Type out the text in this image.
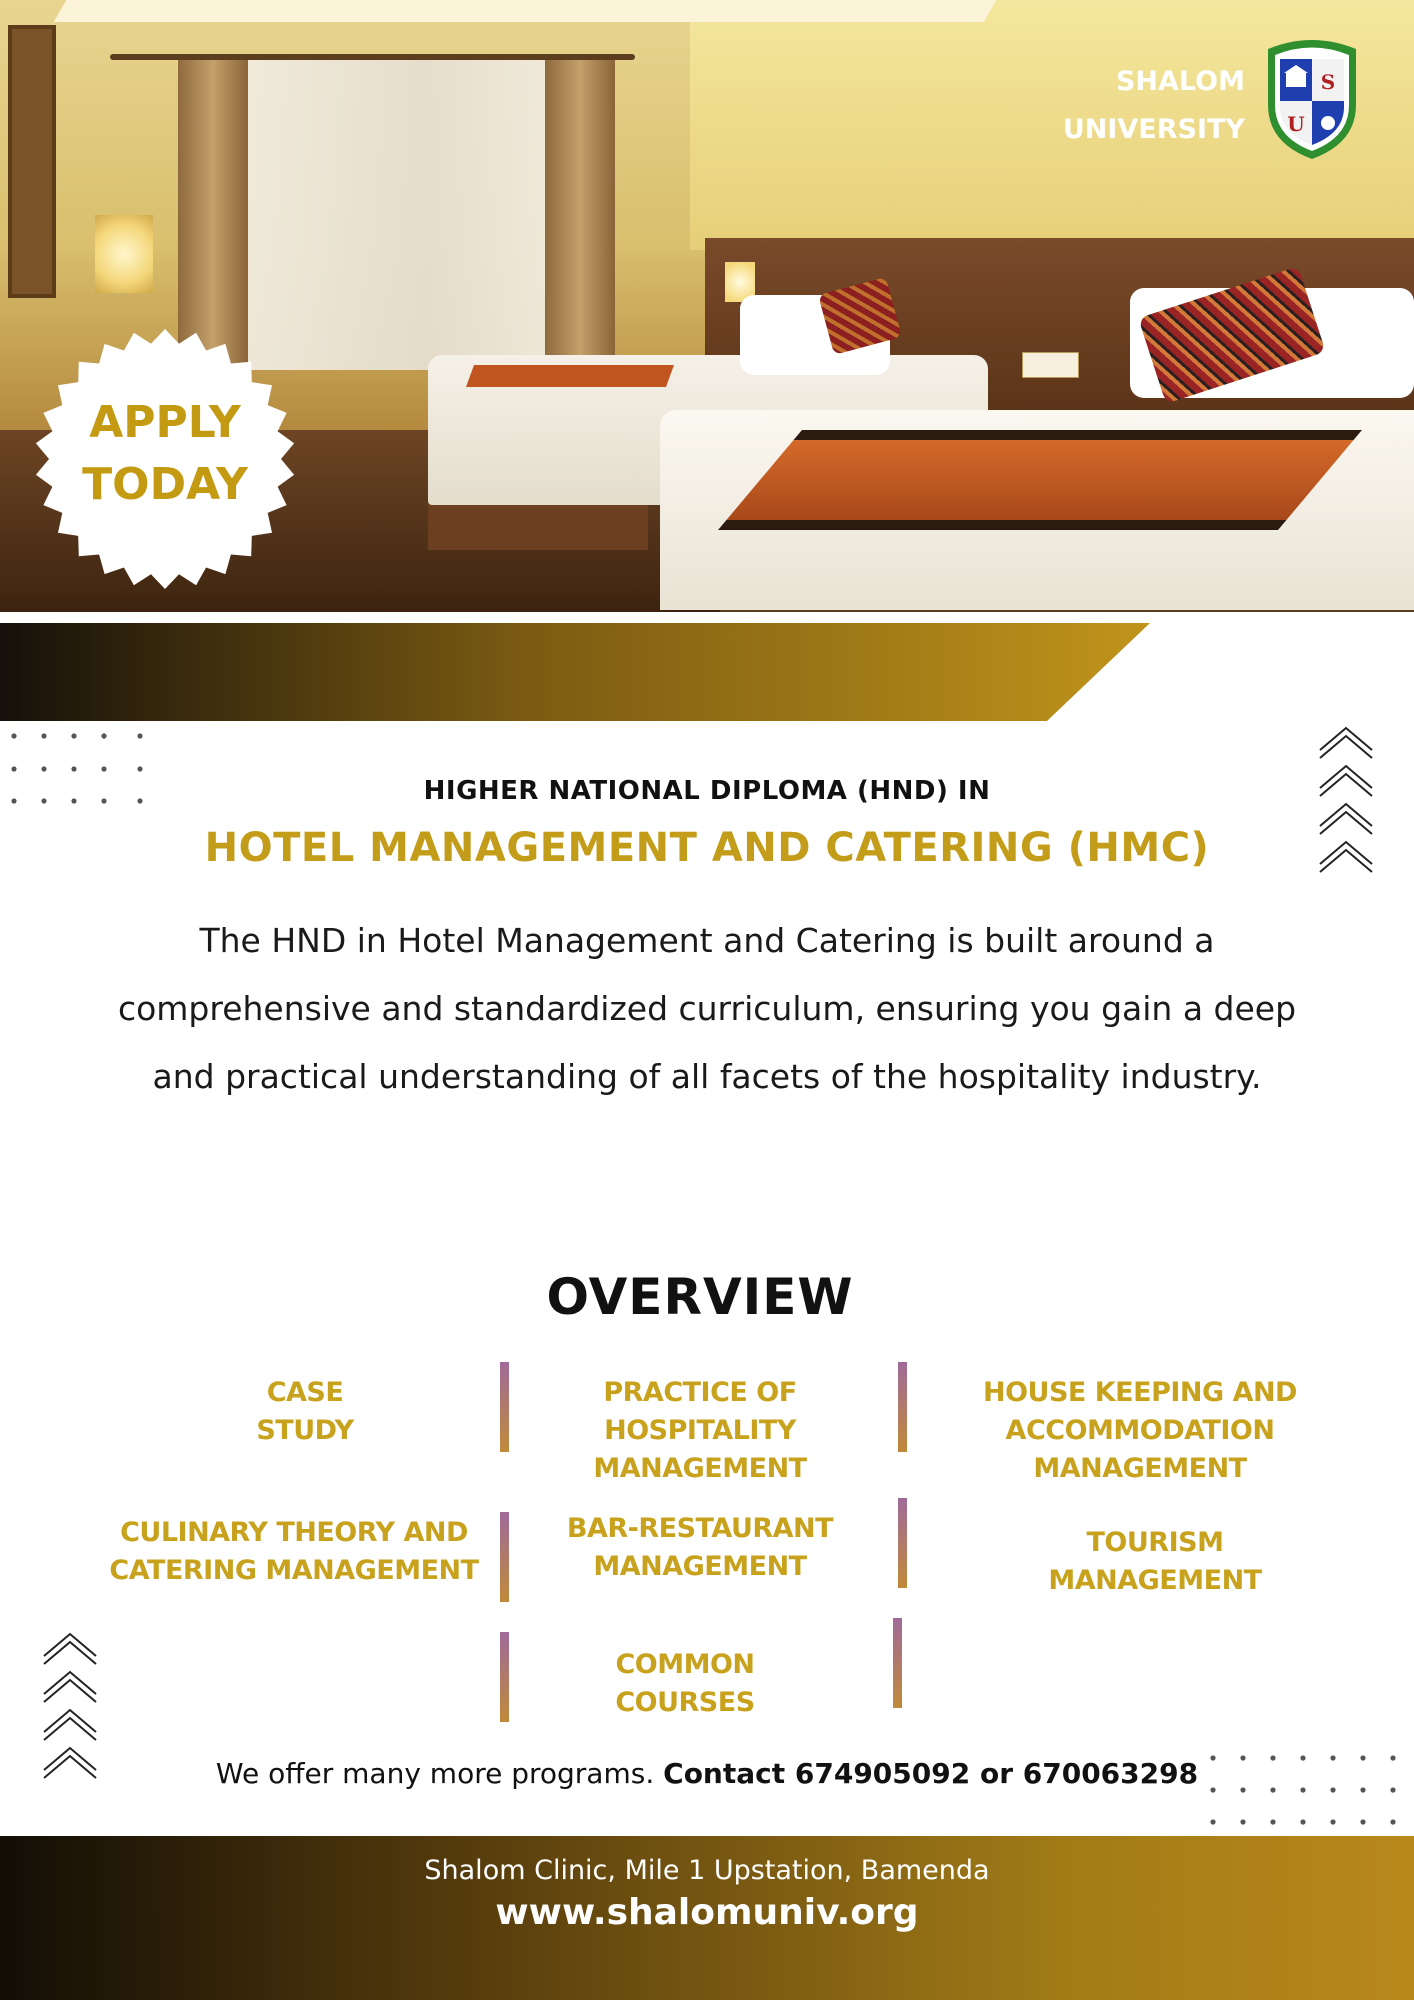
APPLY
TODAY
SHALOM
UNIVERSITY
S
U
HIGHER NATIONAL DIPLOMA (HND) IN
HOTEL MANAGEMENT AND CATERING (HMC)
The HND in Hotel Management and Catering is built around a
comprehensive and standardized curriculum, ensuring you gain a deep
and practical understanding of all facets of the hospitality industry.
OVERVIEW
CASE
STUDY
PRACTICE OF
HOSPITALITY
MANAGEMENT
HOUSE KEEPING AND
ACCOMMODATION
MANAGEMENT
CULINARY THEORY AND
CATERING MANAGEMENT
BAR-RESTAURANT
MANAGEMENT
TOURISM
MANAGEMENT
COMMON
COURSES
We offer many more programs. Contact 674905092 or 670063298
Shalom Clinic, Mile 1 Upstation, Bamenda
www.shalomuniv.org
